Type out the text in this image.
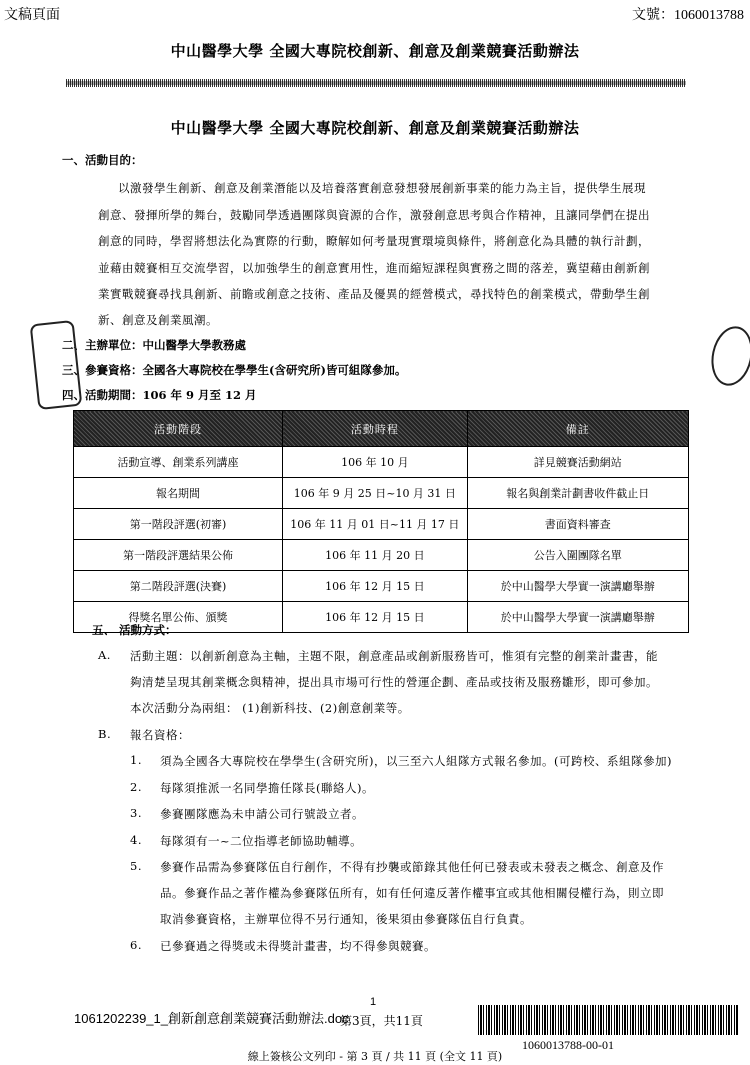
文稿頁面	文號：1060013788
中山醫學大學 全國大專院校創新、創意及創業競賽活動辦法
中山醫學大學 全國大專院校創新、創意及創業競賽活動辦法
一、活動目的：
以激發學生創新、創意及創業潛能以及培養落實創意發想發展創新事業的能力為主旨，提供學生展現
創意、發揮所學的舞台，鼓勵同學透過團隊與資源的合作，激發創意思考與合作精神，且讓同學們在提出
創意的同時，學習將想法化為實際的行動，瞭解如何考量現實環境與條件，將創意化為具體的執行計劃，
並藉由競賽相互交流學習，以加強學生的創意實用性，進而縮短課程與實務之間的落差，冀望藉由創新創
業實戰競賽尋找具創新、前瞻或創意之技術、產品及優異的經營模式，尋找特色的創業模式，帶動學生創
新、創意及創業風潮。
二、主辦單位：中山醫學大學教務處
三、參賽資格：全國各大專院校在學學生(含研究所)皆可組隊參加。
四、活動期間：106 年 9 月至 12 月
活動階段	活動時程	備註
活動宣導、創業系列講座	106 年 10 月	詳見競賽活動網站
報名期間	106 年 9 月 25 日~10 月 31 日	報名與創業計劃書收件截止日
第一階段評選(初審)	106 年 11 月 01 日~11 月 17 日	書面資料審查
第一階段評選結果公佈	106 年 11 月 20 日	公告入圍團隊名單
第二階段評選(決賽)	106 年 12 月 15 日	於中山醫學大學實一演講廳舉辦
得獎名單公佈、頒獎	106 年 12 月 15 日	於中山醫學大學實一演講廳舉辦
五、 活動方式：
A. 活動主題：以創新創意為主軸，主題不限，創意產品或創新服務皆可，惟須有完整的創業計畫書，能
夠清楚呈現其創業概念與精神，提出具市場可行性的營運企劃、產品或技術及服務雛形，即可參加。
本次活動分為兩組： (1)創新科技、(2)創意創業等。
B. 報名資格：
1. 須為全國各大專院校在學學生(含研究所)，以三至六人組隊方式報名參加。(可跨校、系組隊參加)
2. 每隊須推派一名同學擔任隊長(聯絡人)。
3. 參賽團隊應為未申請公司行號設立者。
4. 每隊須有一~二位指導老師協助輔導。
5. 參賽作品需為參賽隊伍自行創作，不得有抄襲或節錄其他任何已發表或未發表之概念、創意及作
品。參賽作品之著作權為參賽隊伍所有，如有任何違反著作權事宜或其他相關侵權行為，則立即
取消參賽資格，主辦單位得不另行通知，後果須由參賽隊伍自行負責。
6. 已參賽過之得獎或未得獎計畫書，均不得參與競賽。
1
1061202239_1_創新創意創業競賽活動辦法.doc
第3頁，共11頁
1060013788-00-01
線上簽核公文列印 - 第 3 頁 / 共 11 頁 (全文 11 頁)
